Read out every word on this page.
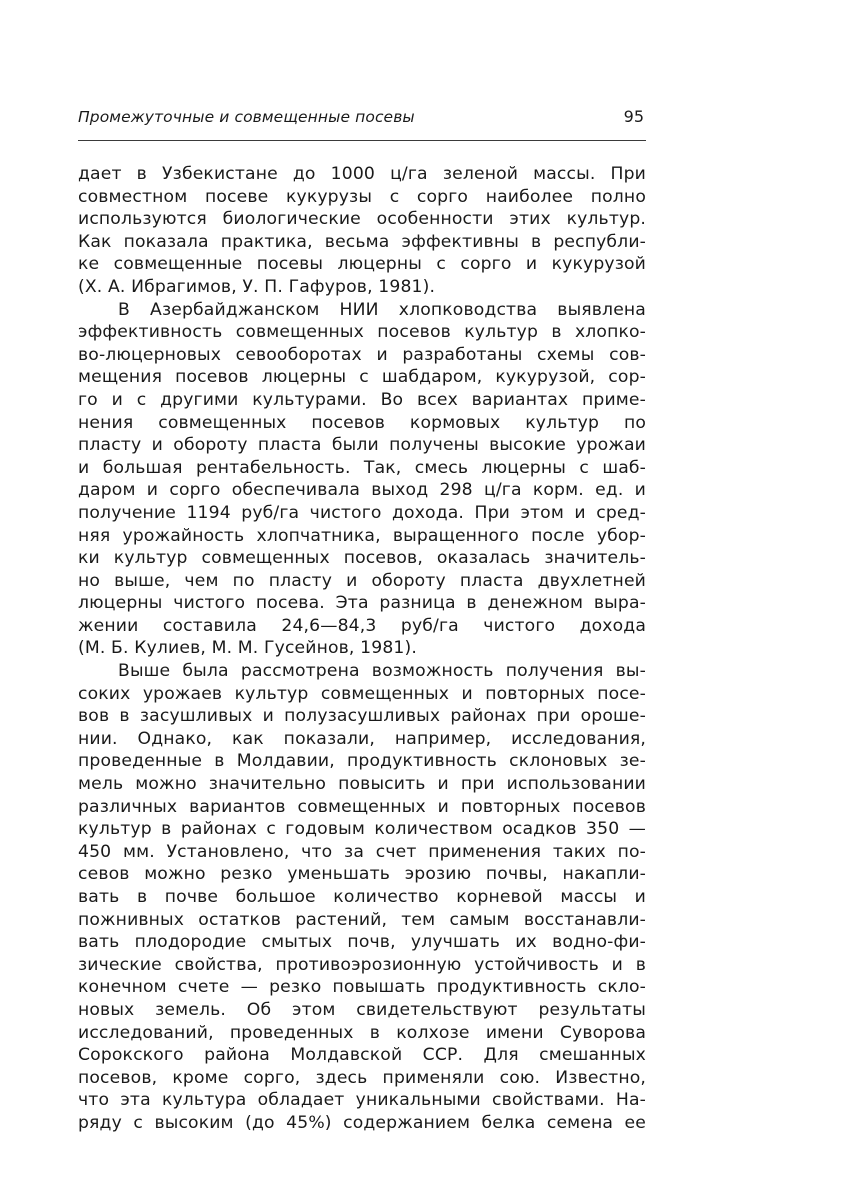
Промежуточные и совмещенные посевы	95
дает в Узбекистане до 1000 ц/га зеленой массы. При
совместном посеве кукурузы с сорго наиболее полно
используются биологические особенности этих культур.
Как показала практика, весьма эффективны в республи-
ке совмещенные посевы люцерны с сорго и кукурузой
(Х. А. Ибрагимов, У. П. Гафуров, 1981).
В Азербайджанском НИИ хлопководства выявлена
эффективность совмещенных посевов культур в хлопко-
во-люцерновых севооборотах и разработаны схемы сов-
мещения посевов люцерны с шабдаром, кукурузой, сор-
го и с другими культурами. Во всех вариантах приме-
нения совмещенных посевов кормовых культур по
пласту и обороту пласта были получены высокие урожаи
и большая рентабельность. Так, смесь люцерны с шаб-
даром и сорго обеспечивала выход 298 ц/га корм. ед. и
получение 1194 руб/га чистого дохода. При этом и сред-
няя урожайность хлопчатника, выращенного после убор-
ки культур совмещенных посевов, оказалась значитель-
но выше, чем по пласту и обороту пласта двухлетней
люцерны чистого посева. Эта разница в денежном выра-
жении составила 24,6—84,3 руб/га чистого дохода
(М. Б. Кулиев, М. М. Гусейнов, 1981).
Выше была рассмотрена возможность получения вы-
соких урожаев культур совмещенных и повторных посе-
вов в засушливых и полузасушливых районах при ороше-
нии. Однако, как показали, например, исследования,
проведенные в Молдавии, продуктивность склоновых зе-
мель можно значительно повысить и при использовании
различных вариантов совмещенных и повторных посевов
культур в районах с годовым количеством осадков 350 —
450 мм. Установлено, что за счет применения таких по-
севов можно резко уменьшать эрозию почвы, накапли-
вать в почве большое количество корневой массы и
пожнивных остатков растений, тем самым восстанавли-
вать плодородие смытых почв, улучшать их водно-фи-
зические свойства, противоэрозионную устойчивость и в
конечном счете — резко повышать продуктивность скло-
новых земель. Об этом свидетельствуют результаты
исследований, проведенных в колхозе имени Суворова
Сорокского района Молдавской ССР. Для смешанных
посевов, кроме сорго, здесь применяли сою. Известно,
что эта культура обладает уникальными свойствами. На-
ряду с высоким (до 45%) содержанием белка семена ее
